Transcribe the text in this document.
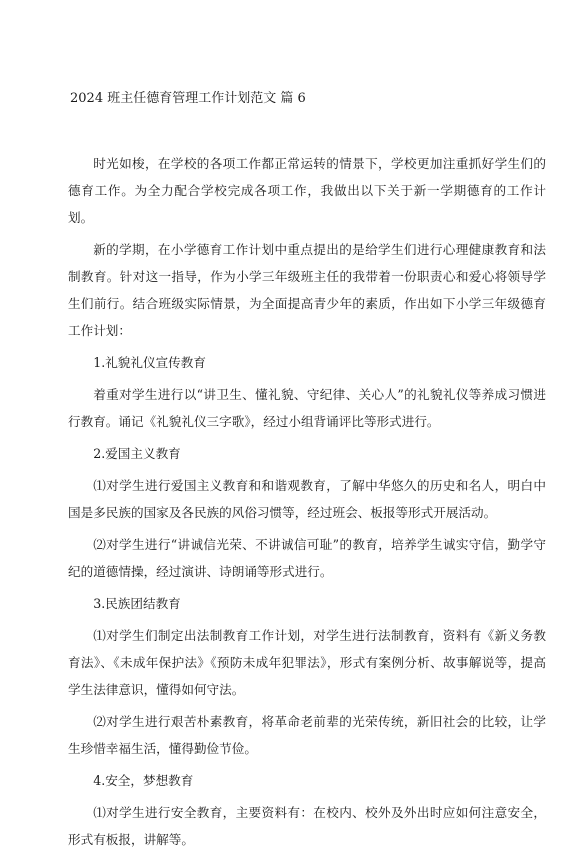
2024 班主任德育管理工作计划范文 篇 6

时光如梭，在学校的各项工作都正常运转的情景下，学校更加注重抓好学生们的德育工作。为全力配合学校完成各项工作，我做出以下关于新一学期德育的工作计划。

新的学期，在小学德育工作计划中重点提出的是给学生们进行心理健康教育和法制教育。针对这一指导，作为小学三年级班主任的我带着一份职责心和爱心将领导学生们前行。结合班级实际情景，为全面提高青少年的素质，作出如下小学三年级德育工作计划：

1.礼貌礼仪宣传教育

着重对学生进行以“讲卫生、懂礼貌、守纪律、关心人”的礼貌礼仪等养成习惯进行教育。诵记《礼貌礼仪三字歌》，经过小组背诵评比等形式进行。

2.爱国主义教育

⑴对学生进行爱国主义教育和和谐观教育，了解中华悠久的历史和名人，明白中国是多民族的国家及各民族的风俗习惯等，经过班会、板报等形式开展活动。

⑵对学生进行“讲诚信光荣、不讲诚信可耻”的教育，培养学生诚实守信，勤学守纪的道德情操，经过演讲、诗朗诵等形式进行。

3.民族团结教育

⑴对学生们制定出法制教育工作计划，对学生进行法制教育，资料有《新义务教育法》、《未成年保护法》《预防未成年犯罪法》，形式有案例分析、故事解说等，提高学生法律意识，懂得如何守法。

⑵对学生进行艰苦朴素教育，将革命老前辈的光荣传统，新旧社会的比较，让学生珍惜幸福生活，懂得勤俭节俭。

4.安全，梦想教育

⑴对学生进行安全教育，主要资料有：在校内、校外及外出时应如何注意安全，形式有板报，讲解等。
